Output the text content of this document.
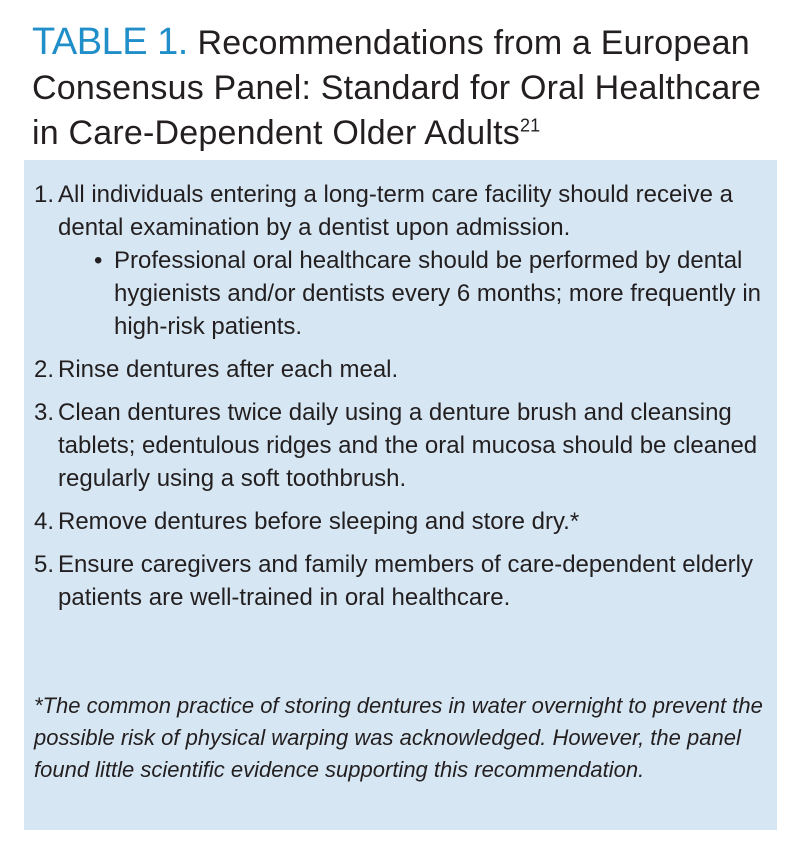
TABLE 1. Recommendations from a European Consensus Panel: Standard for Oral Healthcare in Care-Dependent Older Adults$^{21}$
1. All individuals entering a long-term care facility should receive a dental examination by a dentist upon admission.
• Professional oral healthcare should be performed by dental hygienists and/or dentists every 6 months; more frequently in high-risk patients.
2. Rinse dentures after each meal.
3. Clean dentures twice daily using a denture brush and cleansing tablets; edentulous ridges and the oral mucosa should be cleaned regularly using a soft toothbrush.
4. Remove dentures before sleeping and store dry.*
5. Ensure caregivers and family members of care-dependent elderly patients are well-trained in oral healthcare.
*The common practice of storing dentures in water overnight to prevent the possible risk of physical warping was acknowledged. However, the panel found little scientific evidence supporting this recommendation.
